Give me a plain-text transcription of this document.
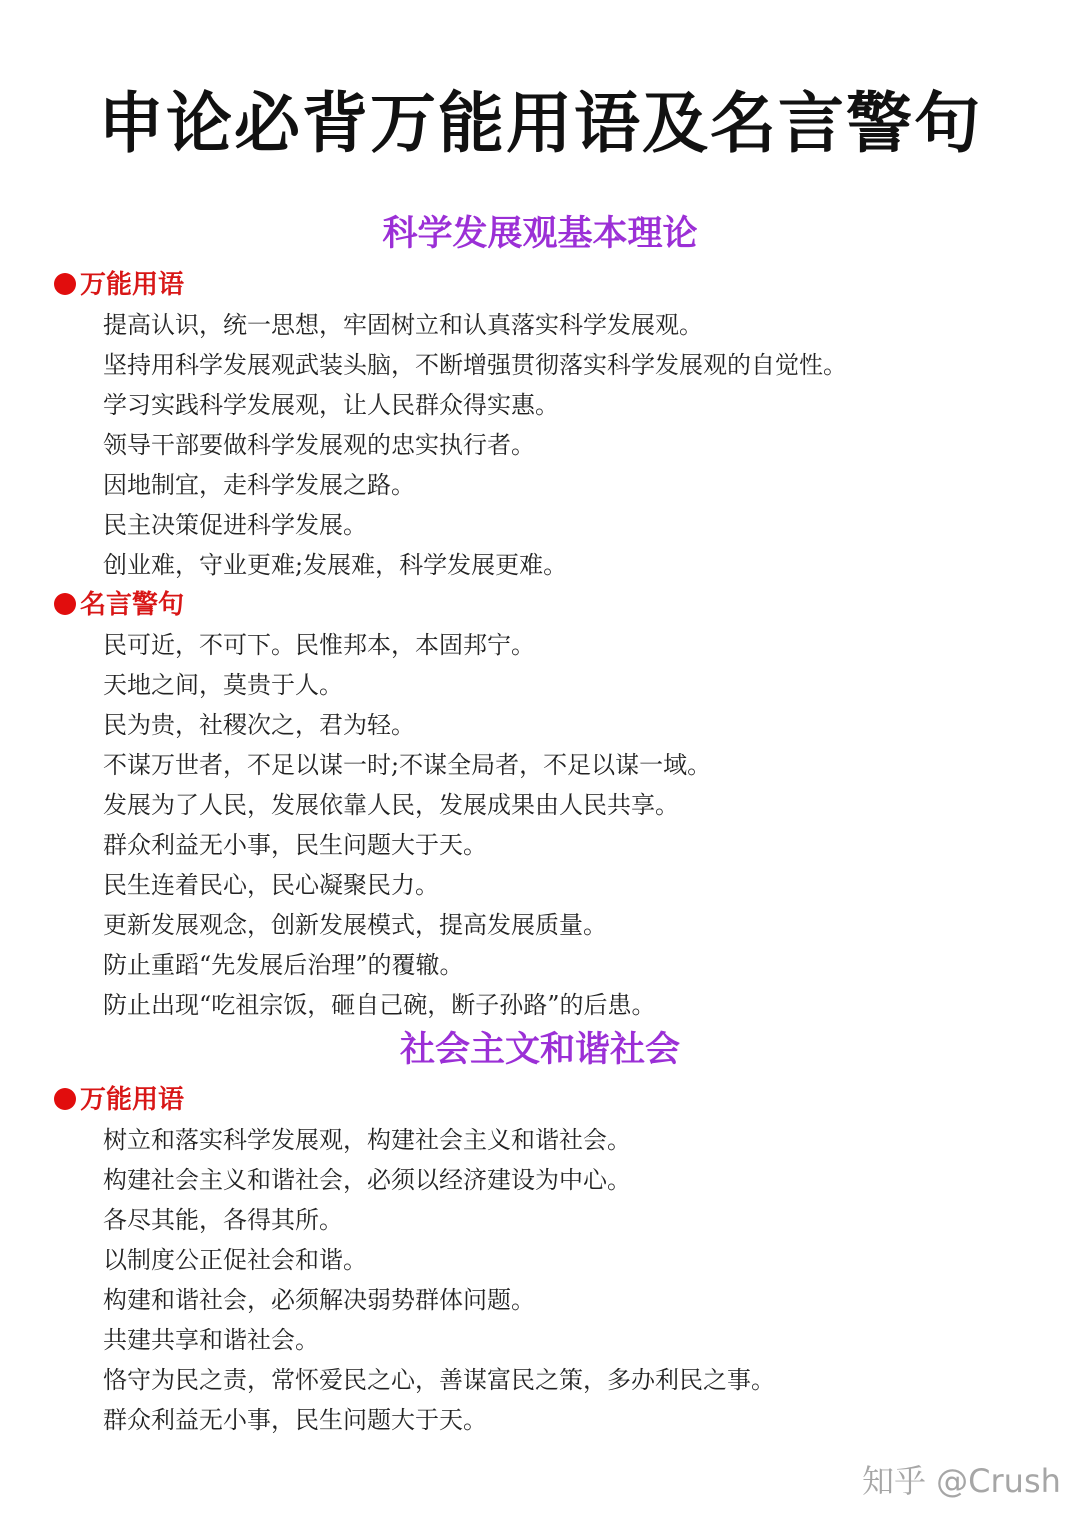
申论必背万能用语及名言警句
科学发展观基本理论
万能用语
提高认识，统一思想，牢固树立和认真落实科学发展观。
坚持用科学发展观武装头脑，不断增强贯彻落实科学发展观的自觉性。
学习实践科学发展观，让人民群众得实惠。
领导干部要做科学发展观的忠实执行者。
因地制宜，走科学发展之路。
民主决策促进科学发展。
创业难，守业更难;发展难，科学发展更难。
名言警句
民可近，不可下。民惟邦本，本固邦宁。
天地之间，莫贵于人。
民为贵，社稷次之，君为轻。
不谋万世者，不足以谋一时;不谋全局者，不足以谋一域。
发展为了人民，发展依靠人民，发展成果由人民共享。
群众利益无小事，民生问题大于天。
民生连着民心，民心凝聚民力。
更新发展观念，创新发展模式，提高发展质量。
防止重蹈“先发展后治理”的覆辙。
防止出现“吃祖宗饭，砸自己碗，断子孙路”的后患。
社会主文和谐社会
万能用语
树立和落实科学发展观，构建社会主义和谐社会。
构建社会主义和谐社会，必须以经济建设为中心。
各尽其能，各得其所。
以制度公正促社会和谐。
构建和谐社会，必须解决弱势群体问题。
共建共享和谐社会。
恪守为民之责，常怀爱民之心，善谋富民之策，多办利民之事。
群众利益无小事，民生问题大于天。
知乎 @Crush
